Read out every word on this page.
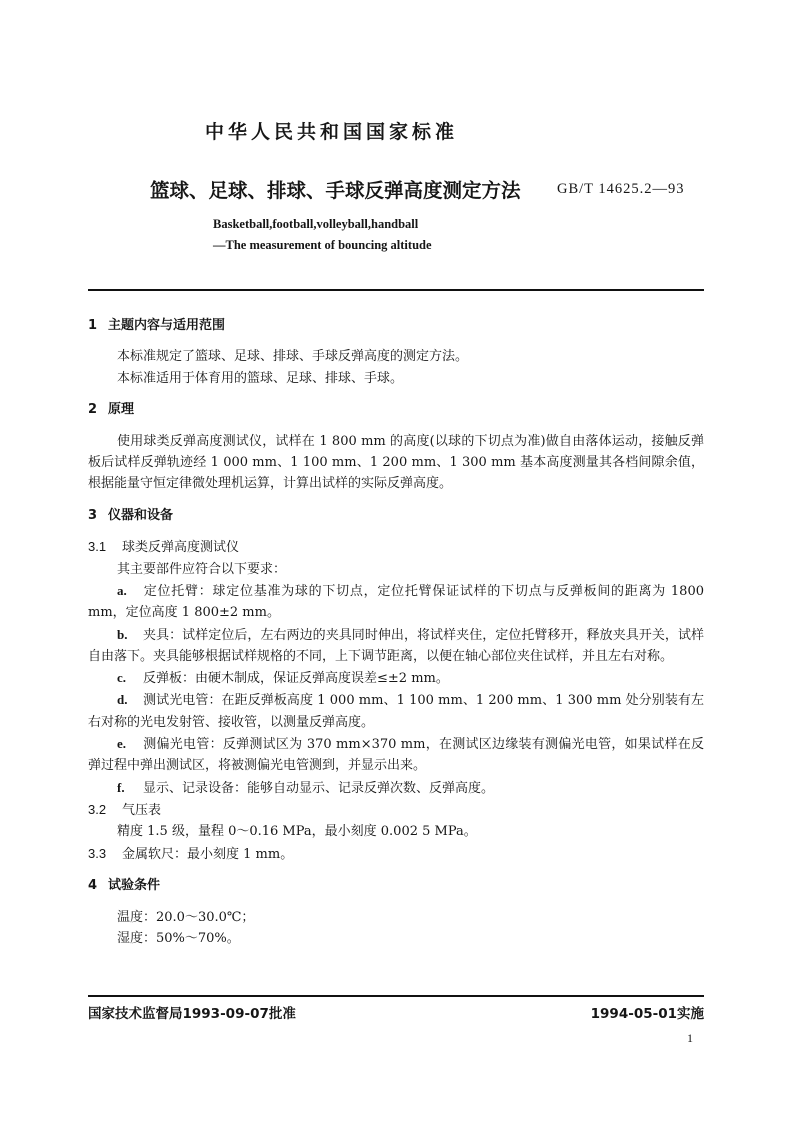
中华人民共和国国家标准
篮球、足球、排球、手球反弹高度测定方法	GB/T 14625.2—93
Basketball,football,volleyball,handball
—The measurement of bouncing altitude
1 主题内容与适用范围

本标准规定了篮球、足球、排球、手球反弹高度的测定方法。

本标准适用于体育用的篮球、足球、排球、手球。

2 原理

使用球类反弹高度测试仪，试样在 1 800 mm 的高度(以球的下切点为准)做自由落体运动，接触反弹板后试样反弹轨迹经 1 000 mm、1 100 mm、1 200 mm、1 300 mm 基本高度测量其各档间隙余值，根据能量守恒定律微处理机运算，计算出试样的实际反弹高度。

3 仪器和设备
3.1 球类反弹高度测试仪

其主要部件应符合以下要求：

a. 定位托臂：球定位基准为球的下切点，定位托臂保证试样的下切点与反弹板间的距离为 1800 mm，定位高度 1 800±2 mm。

b. 夹具：试样定位后，左右两边的夹具同时伸出，将试样夹住，定位托臂移开，释放夹具开关，试样自由落下。夹具能够根据试样规格的不同，上下调节距离，以便在轴心部位夹住试样，并且左右对称。

c. 反弹板：由硬木制成，保证反弹高度误差≤±2 mm。

d. 测试光电管：在距反弹板高度 1 000 mm、1 100 mm、1 200 mm、1 300 mm 处分别装有左右对称的光电发射管、接收管，以测量反弹高度。

e. 测偏光电管：反弹测试区为 370 mm×370 mm，在测试区边缘装有测偏光电管，如果试样在反弹过程中弹出测试区，将被测偏光电管测到，并显示出来。

f. 显示、记录设备：能够自动显示、记录反弹次数、反弹高度。

3.2 气压表

精度 1.5 级，量程 0～0.16 MPa，最小刻度 0.002 5 MPa。

3.3 金属软尺：最小刻度 1 mm。
4 试验条件

温度：20.0～30.0℃；

湿度：50%～70%。

国家技术监督局1993-09-07批准	1994-05-01实施
1
